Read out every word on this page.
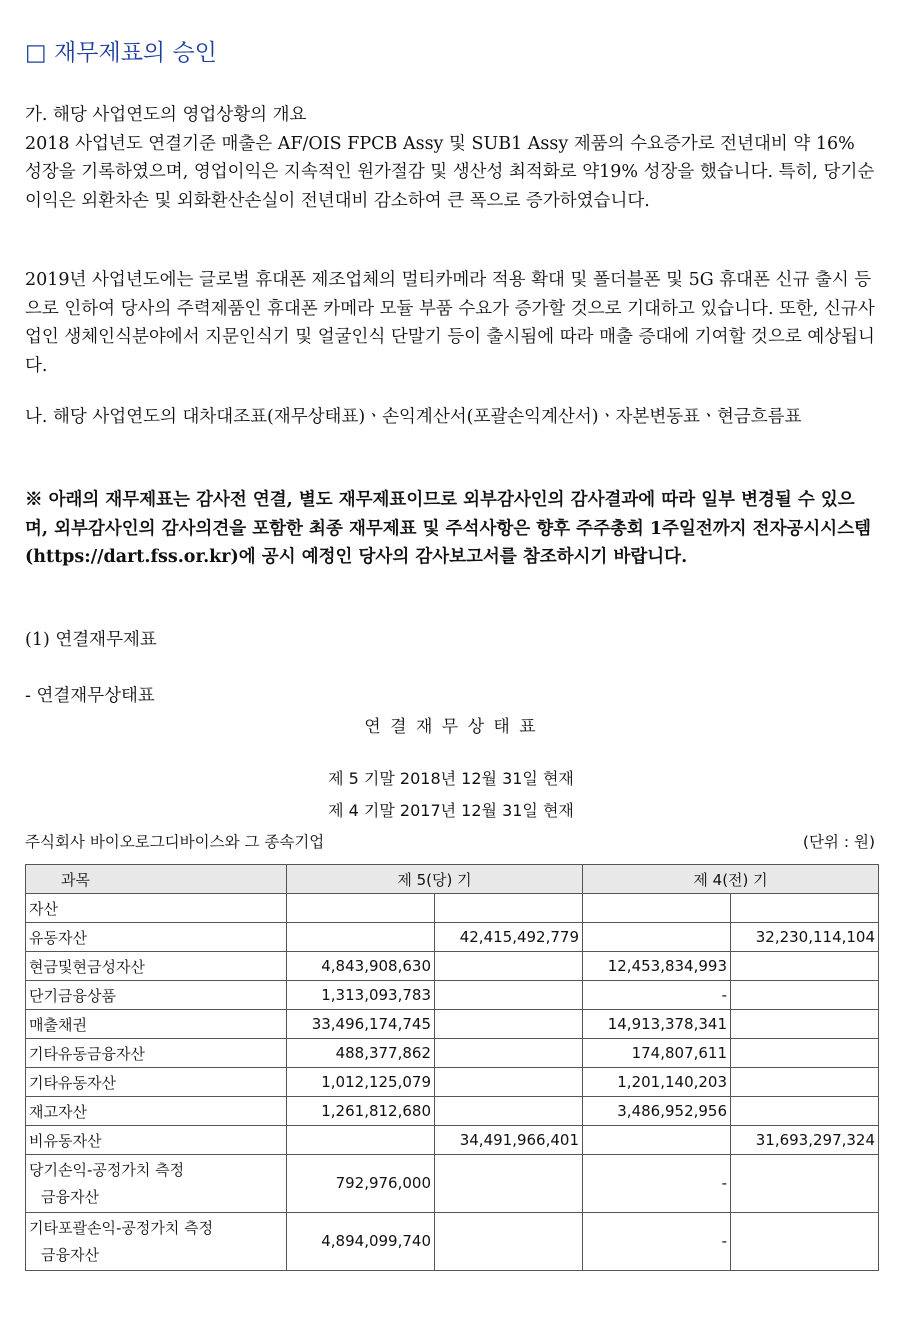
□ 재무제표의 승인

가. 해당 사업연도의 영업상황의 개요

2018 사업년도 연결기준 매출은 AF/OIS FPCB Assy 및 SUB1 Assy 제품의 수요증가로 전년대비 약 16% 성장을 기록하였으며, 영업이익은 지속적인 원가절감 및 생산성 최적화로 약19% 성장을 했습니다. 특히, 당기순이익은 외환차손 및 외화환산손실이 전년대비 감소하여 큰 폭으로 증가하였습니다.

2019년 사업년도에는 글로벌 휴대폰 제조업체의 멀티카메라 적용 확대 및 폴더블폰 및 5G 휴대폰 신규 출시 등으로 인하여 당사의 주력제품인 휴대폰 카메라 모듈 부품 수요가 증가할 것으로 기대하고 있습니다. 또한, 신규사업인 생체인식분야에서 지문인식기 및 얼굴인식 단말기 등이 출시됨에 따라 매출 증대에 기여할 것으로 예상됩니다.

나. 해당 사업연도의 대차대조표(재무상태표)ㆍ손익계산서(포괄손익계산서)ㆍ자본변동표ㆍ현금흐름표

※ 아래의 재무제표는 감사전 연결, 별도 재무제표이므로 외부감사인의 감사결과에 따라 일부 변경될 수 있으며, 외부감사인의 감사의견을 포함한 최종 재무제표 및 주석사항은 향후 주주총회 1주일전까지 전자공시시스템(https://dart.fss.or.kr)에 공시 예정인 당사의 감사보고서를 참조하시기 바랍니다.
(1) 연결재무제표
- 연결재무상태표
연 결 재 무 상 태 표
제 5 기말 2018년 12월 31일 현재
제 4 기말 2017년 12월 31일 현재
주식회사 바이오로그디바이스와 그 종속기업	(단위 : 원)
과목	제 5(당) 기		제 4(전) 기	
자산				
유동자산		42,415,492,779		32,230,114,104
현금및현금성자산	4,843,908,630		12,453,834,993	
단기금융상품	1,313,093,783		-	
매출채권	33,496,174,745		14,913,378,341	
기타유동금융자산	488,377,862		174,807,611	
기타유동자산	1,012,125,079		1,201,140,203	
재고자산	1,261,812,680		3,486,952,956	
비유동자산		34,491,966,401		31,693,297,324

당기손익-공정가치 측정
금융자산	792,976,000		-	

기타포괄손익-공정가치 측정
금융자산	4,894,099,740		-	
